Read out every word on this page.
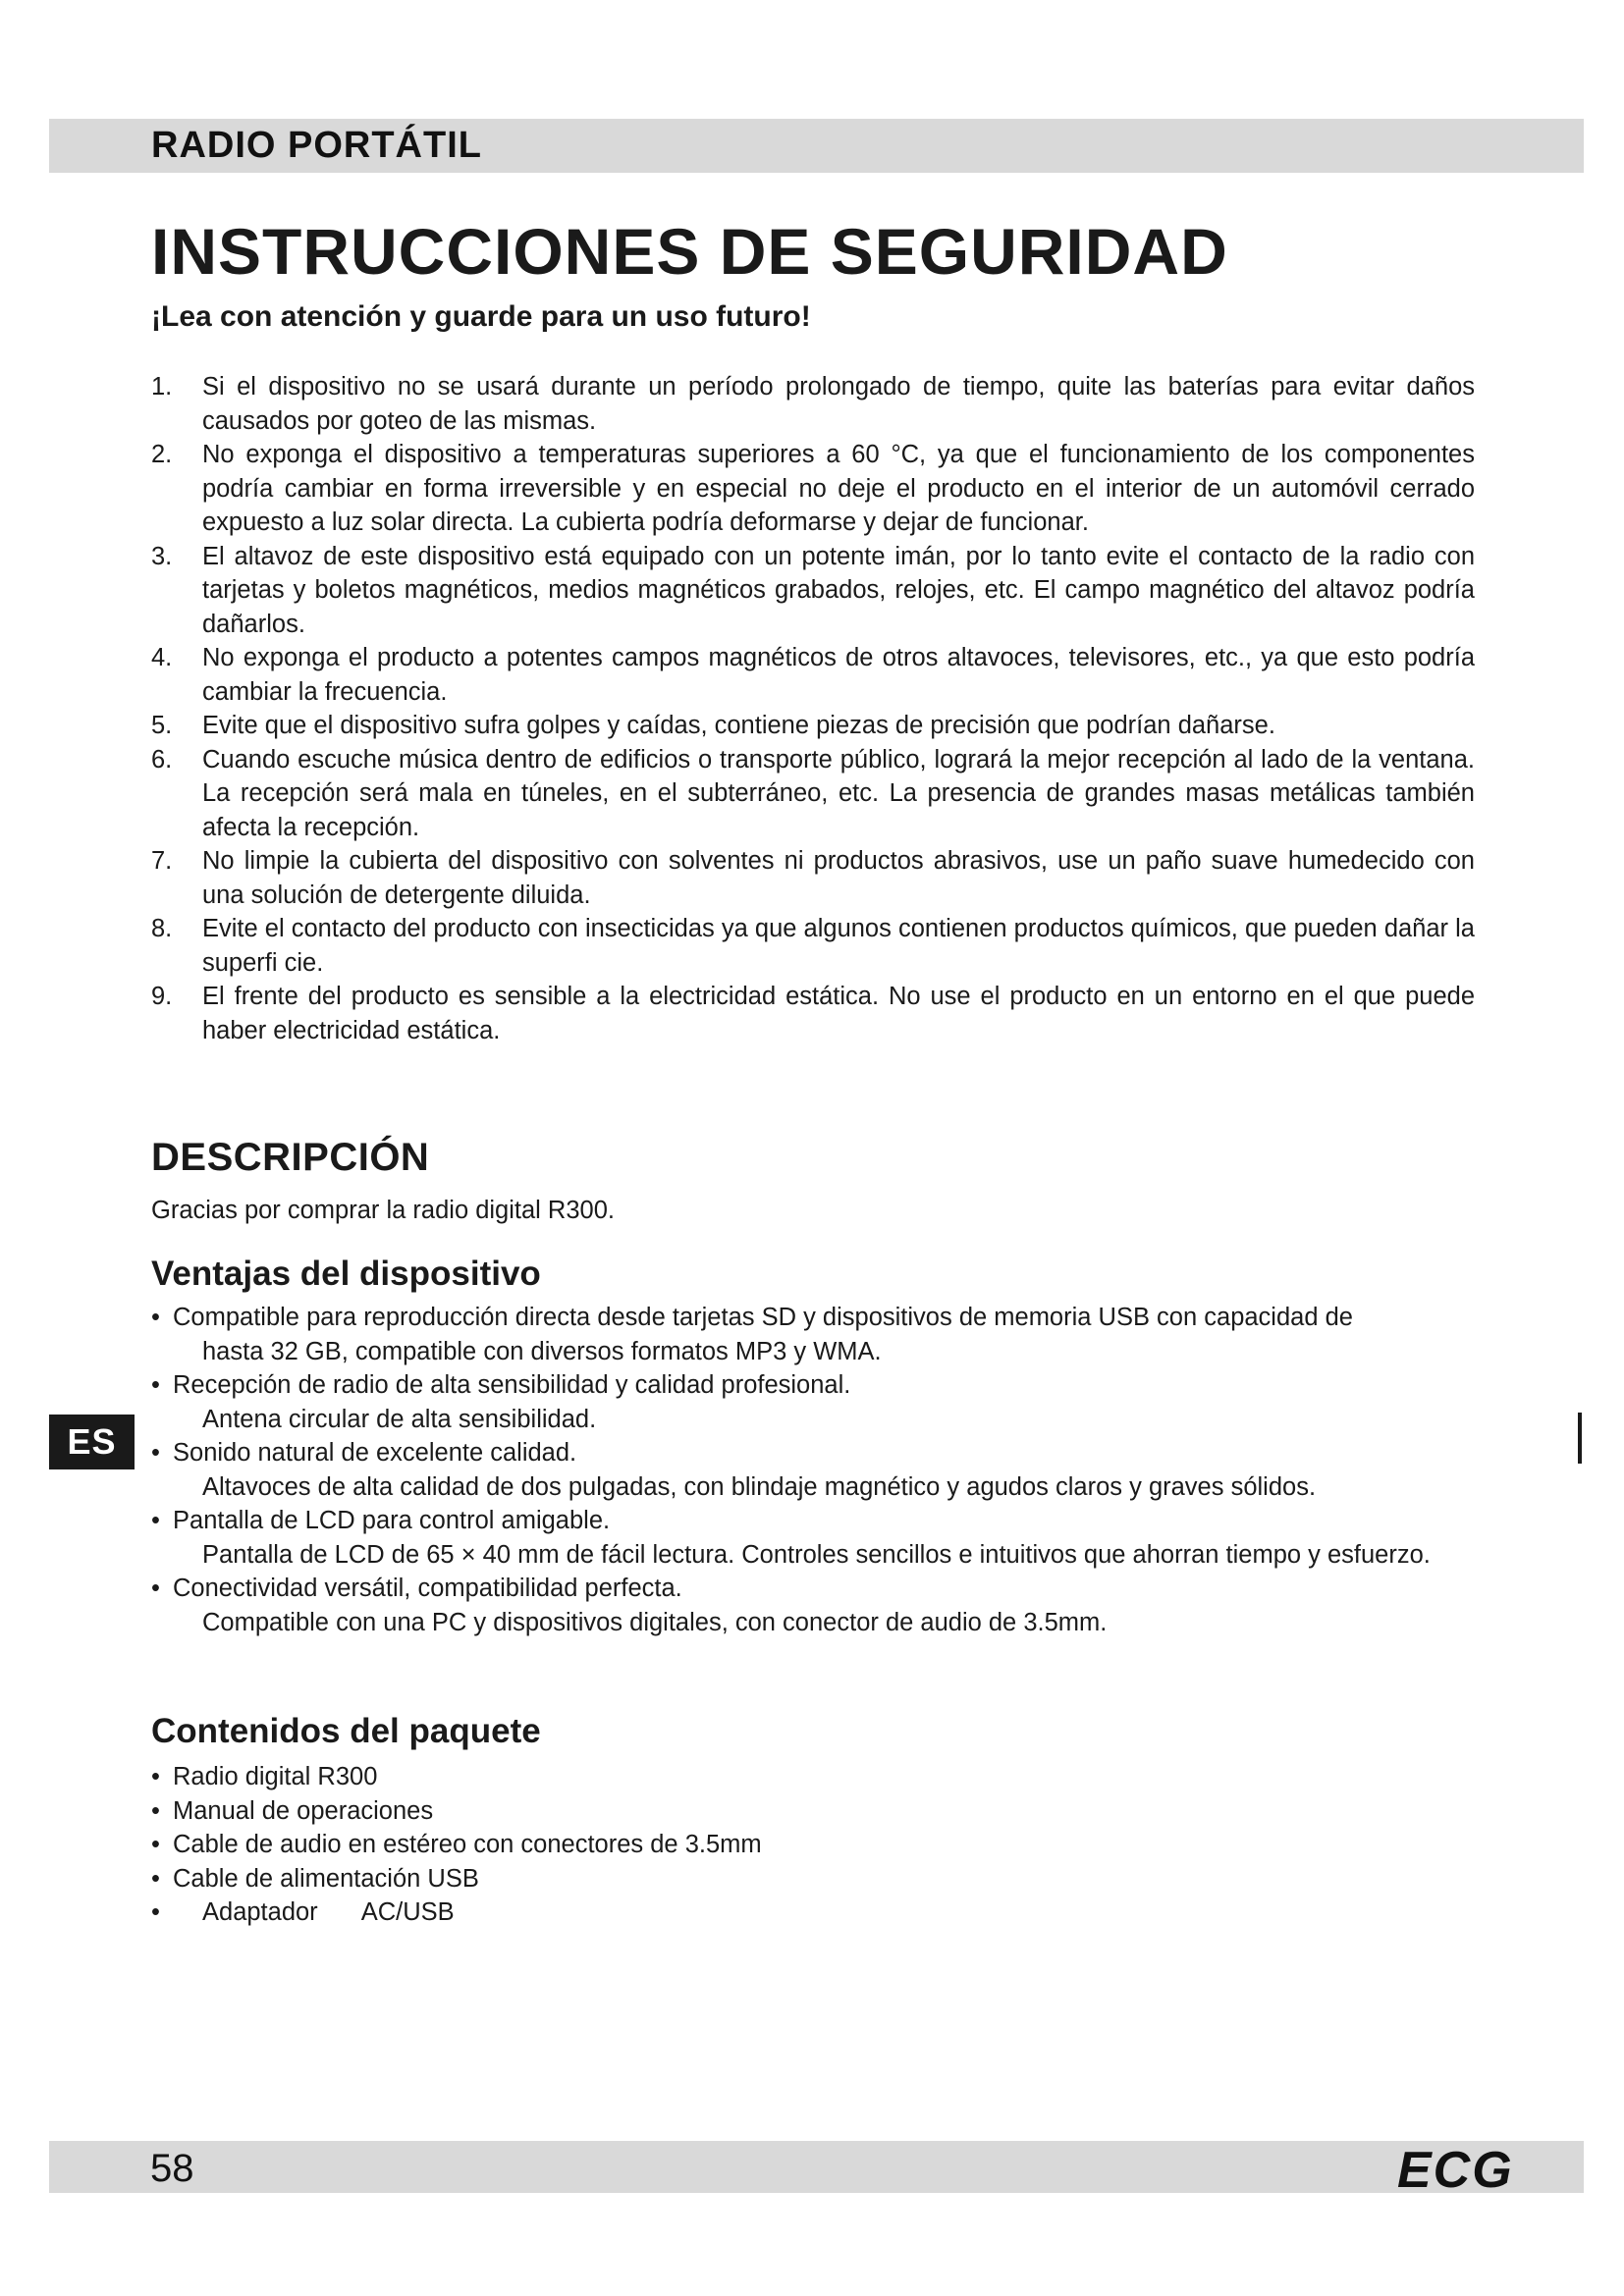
RADIO PORTÁTIL
INSTRUCCIONES DE SEGURIDAD
¡Lea con atención y guarde para un uso futuro!
1.	Si el dispositivo no se usará durante un período prolongado de tiempo, quite las baterías para evitar daños causados por goteo de las mismas.
2.	No exponga el dispositivo a temperaturas superiores a 60 °C, ya que el funcionamiento de los componentes podría cambiar en forma irreversible y en especial no deje el producto en el interior de un automóvil cerrado expuesto a luz solar directa. La cubierta podría deformarse y dejar de funcionar.
3.	El altavoz de este dispositivo está equipado con un potente imán, por lo tanto evite el contacto de la radio con tarjetas y boletos magnéticos, medios magnéticos grabados, relojes, etc. El campo magnético del altavoz podría dañarlos.
4.	No exponga el producto a potentes campos magnéticos de otros altavoces, televisores, etc., ya que esto podría cambiar la frecuencia.
5.	Evite que el dispositivo sufra golpes y caídas, contiene piezas de precisión que podrían dañarse.
6.	Cuando escuche música dentro de edificios o transporte público, logrará la mejor recepción al lado de la ventana. La recepción será mala en túneles, en el subterráneo, etc. La presencia de grandes masas metálicas también afecta la recepción.
7.	No limpie la cubierta del dispositivo con solventes ni productos abrasivos, use un paño suave humedecido con una solución de detergente diluida.
8.	Evite el contacto del producto con insecticidas ya que algunos contienen productos químicos, que pueden dañar la superfi cie.
9.	El frente del producto es sensible a la electricidad estática. No use el producto en un entorno en el que puede haber electricidad estática.
DESCRIPCIÓN
Gracias por comprar la radio digital R300.
Ventajas del dispositivo
• Compatible para reproducción directa desde tarjetas SD y dispositivos de memoria USB con capacidad de
hasta 32 GB, compatible con diversos formatos MP3 y WMA.
• Recepción de radio de alta sensibilidad y calidad profesional.
Antena circular de alta sensibilidad.
• Sonido natural de excelente calidad.
Altavoces de alta calidad de dos pulgadas, con blindaje magnético y agudos claros y graves sólidos.
• Pantalla de LCD para control amigable.
Pantalla de LCD de 65 × 40 mm de fácil lectura. Controles sencillos e intuitivos que ahorran tiempo y esfuerzo.
• Conectividad versátil, compatibilidad perfecta.
Compatible con una PC y dispositivos digitales, con conector de audio de 3.5mm.
Contenidos del paquete
• Radio digital R300
• Manual de operaciones
• Cable de audio en estéreo con conectores de 3.5mm
• Cable de alimentación USB
•	Adaptador AC/USB
ES
58	ECG
